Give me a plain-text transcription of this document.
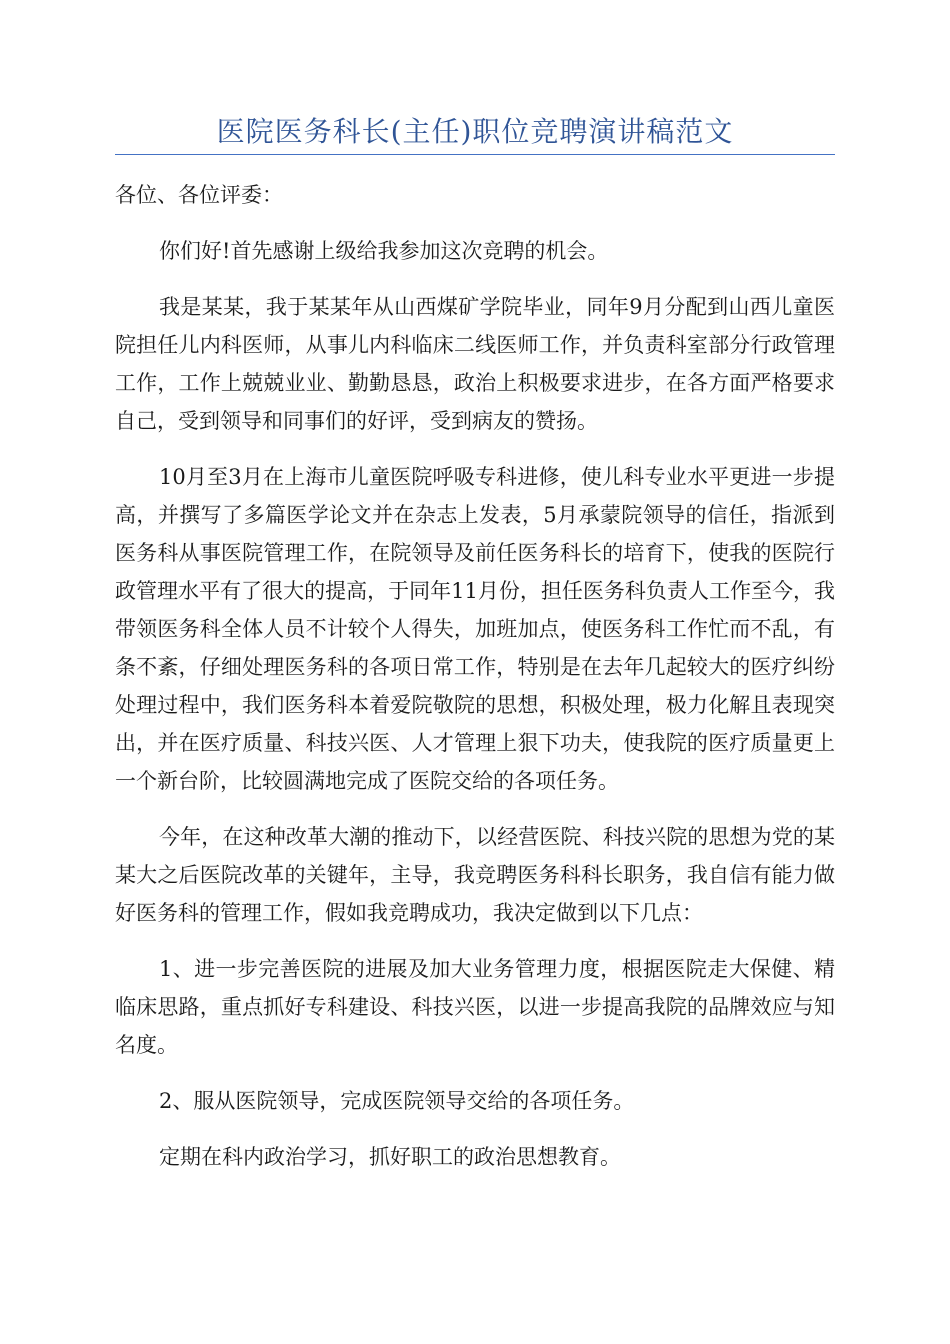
医院医务科长(主任)职位竞聘演讲稿范文

各位、各位评委：

你们好!首先感谢上级给我参加这次竞聘的机会。

我是某某，我于某某年从山西煤矿学院毕业，同年9月分配到山西儿童医院担任儿内科医师，从事儿内科临床二线医师工作，并负责科室部分行政管理工作，工作上兢兢业业、勤勤恳恳，政治上积极要求进步，在各方面严格要求自己，受到领导和同事们的好评，受到病友的赞扬。

10月至3月在上海市儿童医院呼吸专科进修，使儿科专业水平更进一步提高，并撰写了多篇医学论文并在杂志上发表，5月承蒙院领导的信任，指派到医务科从事医院管理工作，在院领导及前任医务科长的培育下，使我的医院行政管理水平有了很大的提高，于同年11月份，担任医务科负责人工作至今，我带领医务科全体人员不计较个人得失，加班加点，使医务科工作忙而不乱，有条不紊，仔细处理医务科的各项日常工作，特别是在去年几起较大的医疗纠纷处理过程中，我们医务科本着爱院敬院的思想，积极处理，极力化解且表现突出，并在医疗质量、科技兴医、人才管理上狠下功夫，使我院的医疗质量更上一个新台阶，比较圆满地完成了医院交给的各项任务。

今年，在这种改革大潮的推动下，以经营医院、科技兴院的思想为党的某某大之后医院改革的关键年，主导，我竞聘医务科科长职务，我自信有能力做好医务科的管理工作，假如我竞聘成功，我决定做到以下几点：

1、进一步完善医院的进展及加大业务管理力度，根据医院走大保健、精临床思路，重点抓好专科建设、科技兴医，以进一步提高我院的品牌效应与知名度。

2、服从医院领导，完成医院领导交给的各项任务。

定期在科内政治学习，抓好职工的政治思想教育。
